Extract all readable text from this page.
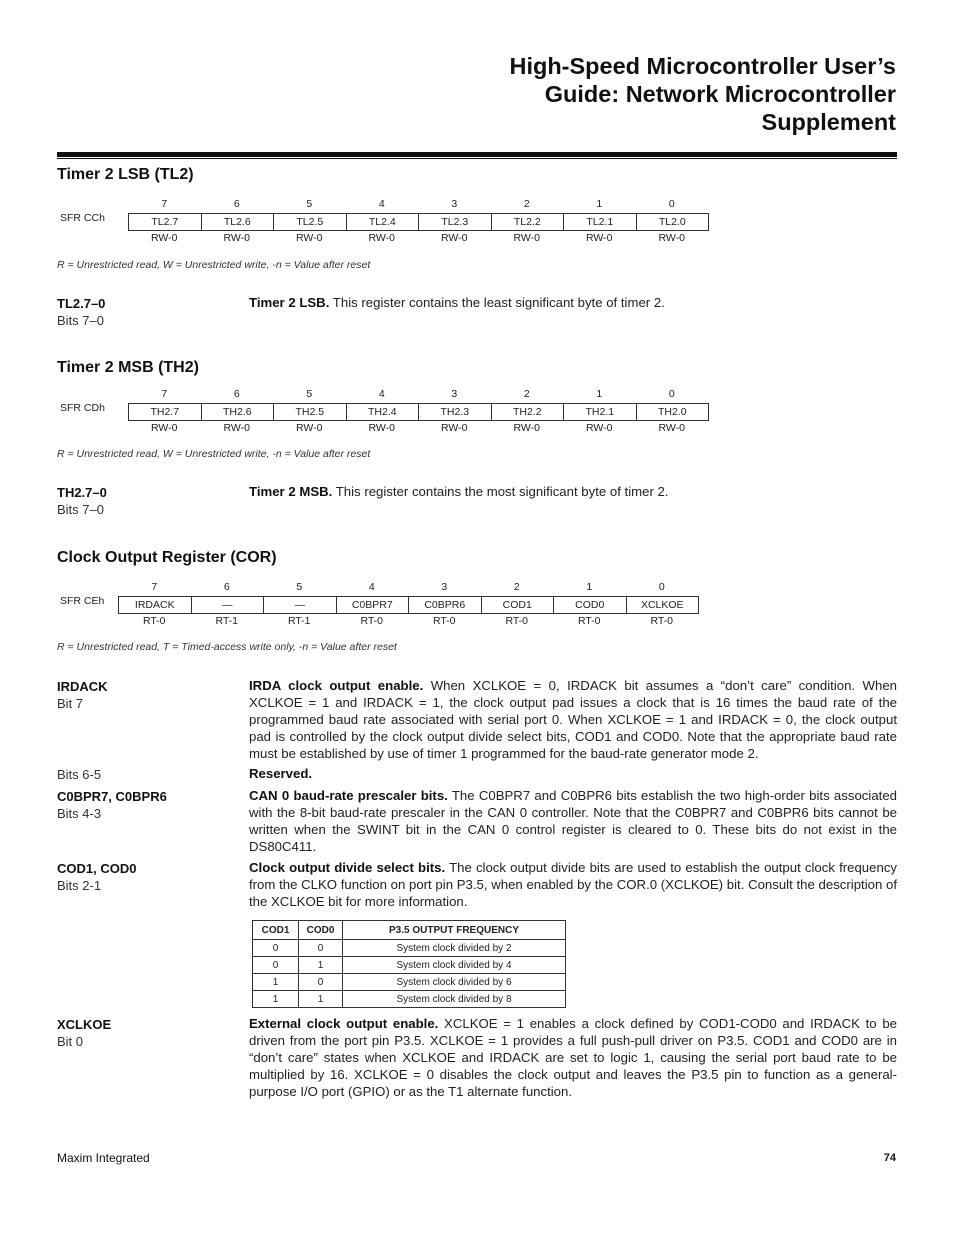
High-Speed Microcontroller User’s
Guide: Network Microcontroller
Supplement
Timer 2 LSB (TL2)
SFR CCh
7	6	5	4	3	2	1	0
TL2.7	TL2.6	TL2.5	TL2.4	TL2.3	TL2.2	TL2.1	TL2.0
RW-0	RW-0	RW-0	RW-0	RW-0	RW-0	RW-0	RW-0
R = Unrestricted read, W = Unrestricted write, -n = Value after reset
TL2.7–0
Bits 7–0
Timer 2 LSB. This register contains the least significant byte of timer 2.
Timer 2 MSB (TH2)
SFR CDh
7	6	5	4	3	2	1	0
TH2.7	TH2.6	TH2.5	TH2.4	TH2.3	TH2.2	TH2.1	TH2.0
RW-0	RW-0	RW-0	RW-0	RW-0	RW-0	RW-0	RW-0
R = Unrestricted read, W = Unrestricted write, -n = Value after reset
TH2.7–0
Bits 7–0
Timer 2 MSB. This register contains the most significant byte of timer 2.
Clock Output Register (COR)
SFR CEh
7	6	5	4	3	2	1	0
IRDACK	—	—	C0BPR7	C0BPR6	COD1	COD0	XCLKOE
RT-0	RT-1	RT-1	RT-0	RT-0	RT-0	RT-0	RT-0
R = Unrestricted read, T = Timed-access write only, -n = Value after reset
IRDACK
Bit 7
IRDA clock output enable. When XCLKOE = 0, IRDACK bit assumes a “don’t care” condition. When XCLKOE = 1 and IRDACK = 1, the clock output pad issues a clock that is 16 times the baud rate of the programmed baud rate associated with serial port 0. When XCLKOE = 1 and IRDACK = 0, the clock output pad is controlled by the clock output divide select bits, COD1 and COD0. Note that the appropriate baud rate must be established by use of timer 1 programmed for the baud-rate generator mode 2.
Bits 6-5	Reserved.
C0BPR7, C0BPR6
Bits 4-3
CAN 0 baud-rate prescaler bits. The C0BPR7 and C0BPR6 bits establish the two high-order bits associated with the 8-bit baud-rate prescaler in the CAN 0 controller. Note that the C0BPR7 and C0BPR6 bits cannot be written when the SWINT bit in the CAN 0 control register is cleared to 0. These bits do not exist in the DS80C411.
COD1, COD0
Bits 2-1
Clock output divide select bits. The clock output divide bits are used to establish the output clock frequency from the CLKO function on port pin P3.5, when enabled by the COR.0 (XCLKOE) bit. Consult the description of the XCLKOE bit for more information.
COD1	COD0	P3.5 OUTPUT FREQUENCY
0	0	System clock divided by 2
0	1	System clock divided by 4
1	0	System clock divided by 6
1	1	System clock divided by 8
XCLKOE
Bit 0
External clock output enable. XCLKOE = 1 enables a clock defined by COD1-COD0 and IRDACK to be driven from the port pin P3.5. XCLKOE = 1 provides a full push-pull driver on P3.5. COD1 and COD0 are in “don’t care” states when XCLKOE and IRDACK are set to logic 1, causing the serial port baud rate to be multiplied by 16. XCLKOE = 0 disables the clock output and leaves the P3.5 pin to function as a general-purpose I/O port (GPIO) or as the T1 alternate function.
Maxim Integrated	74
